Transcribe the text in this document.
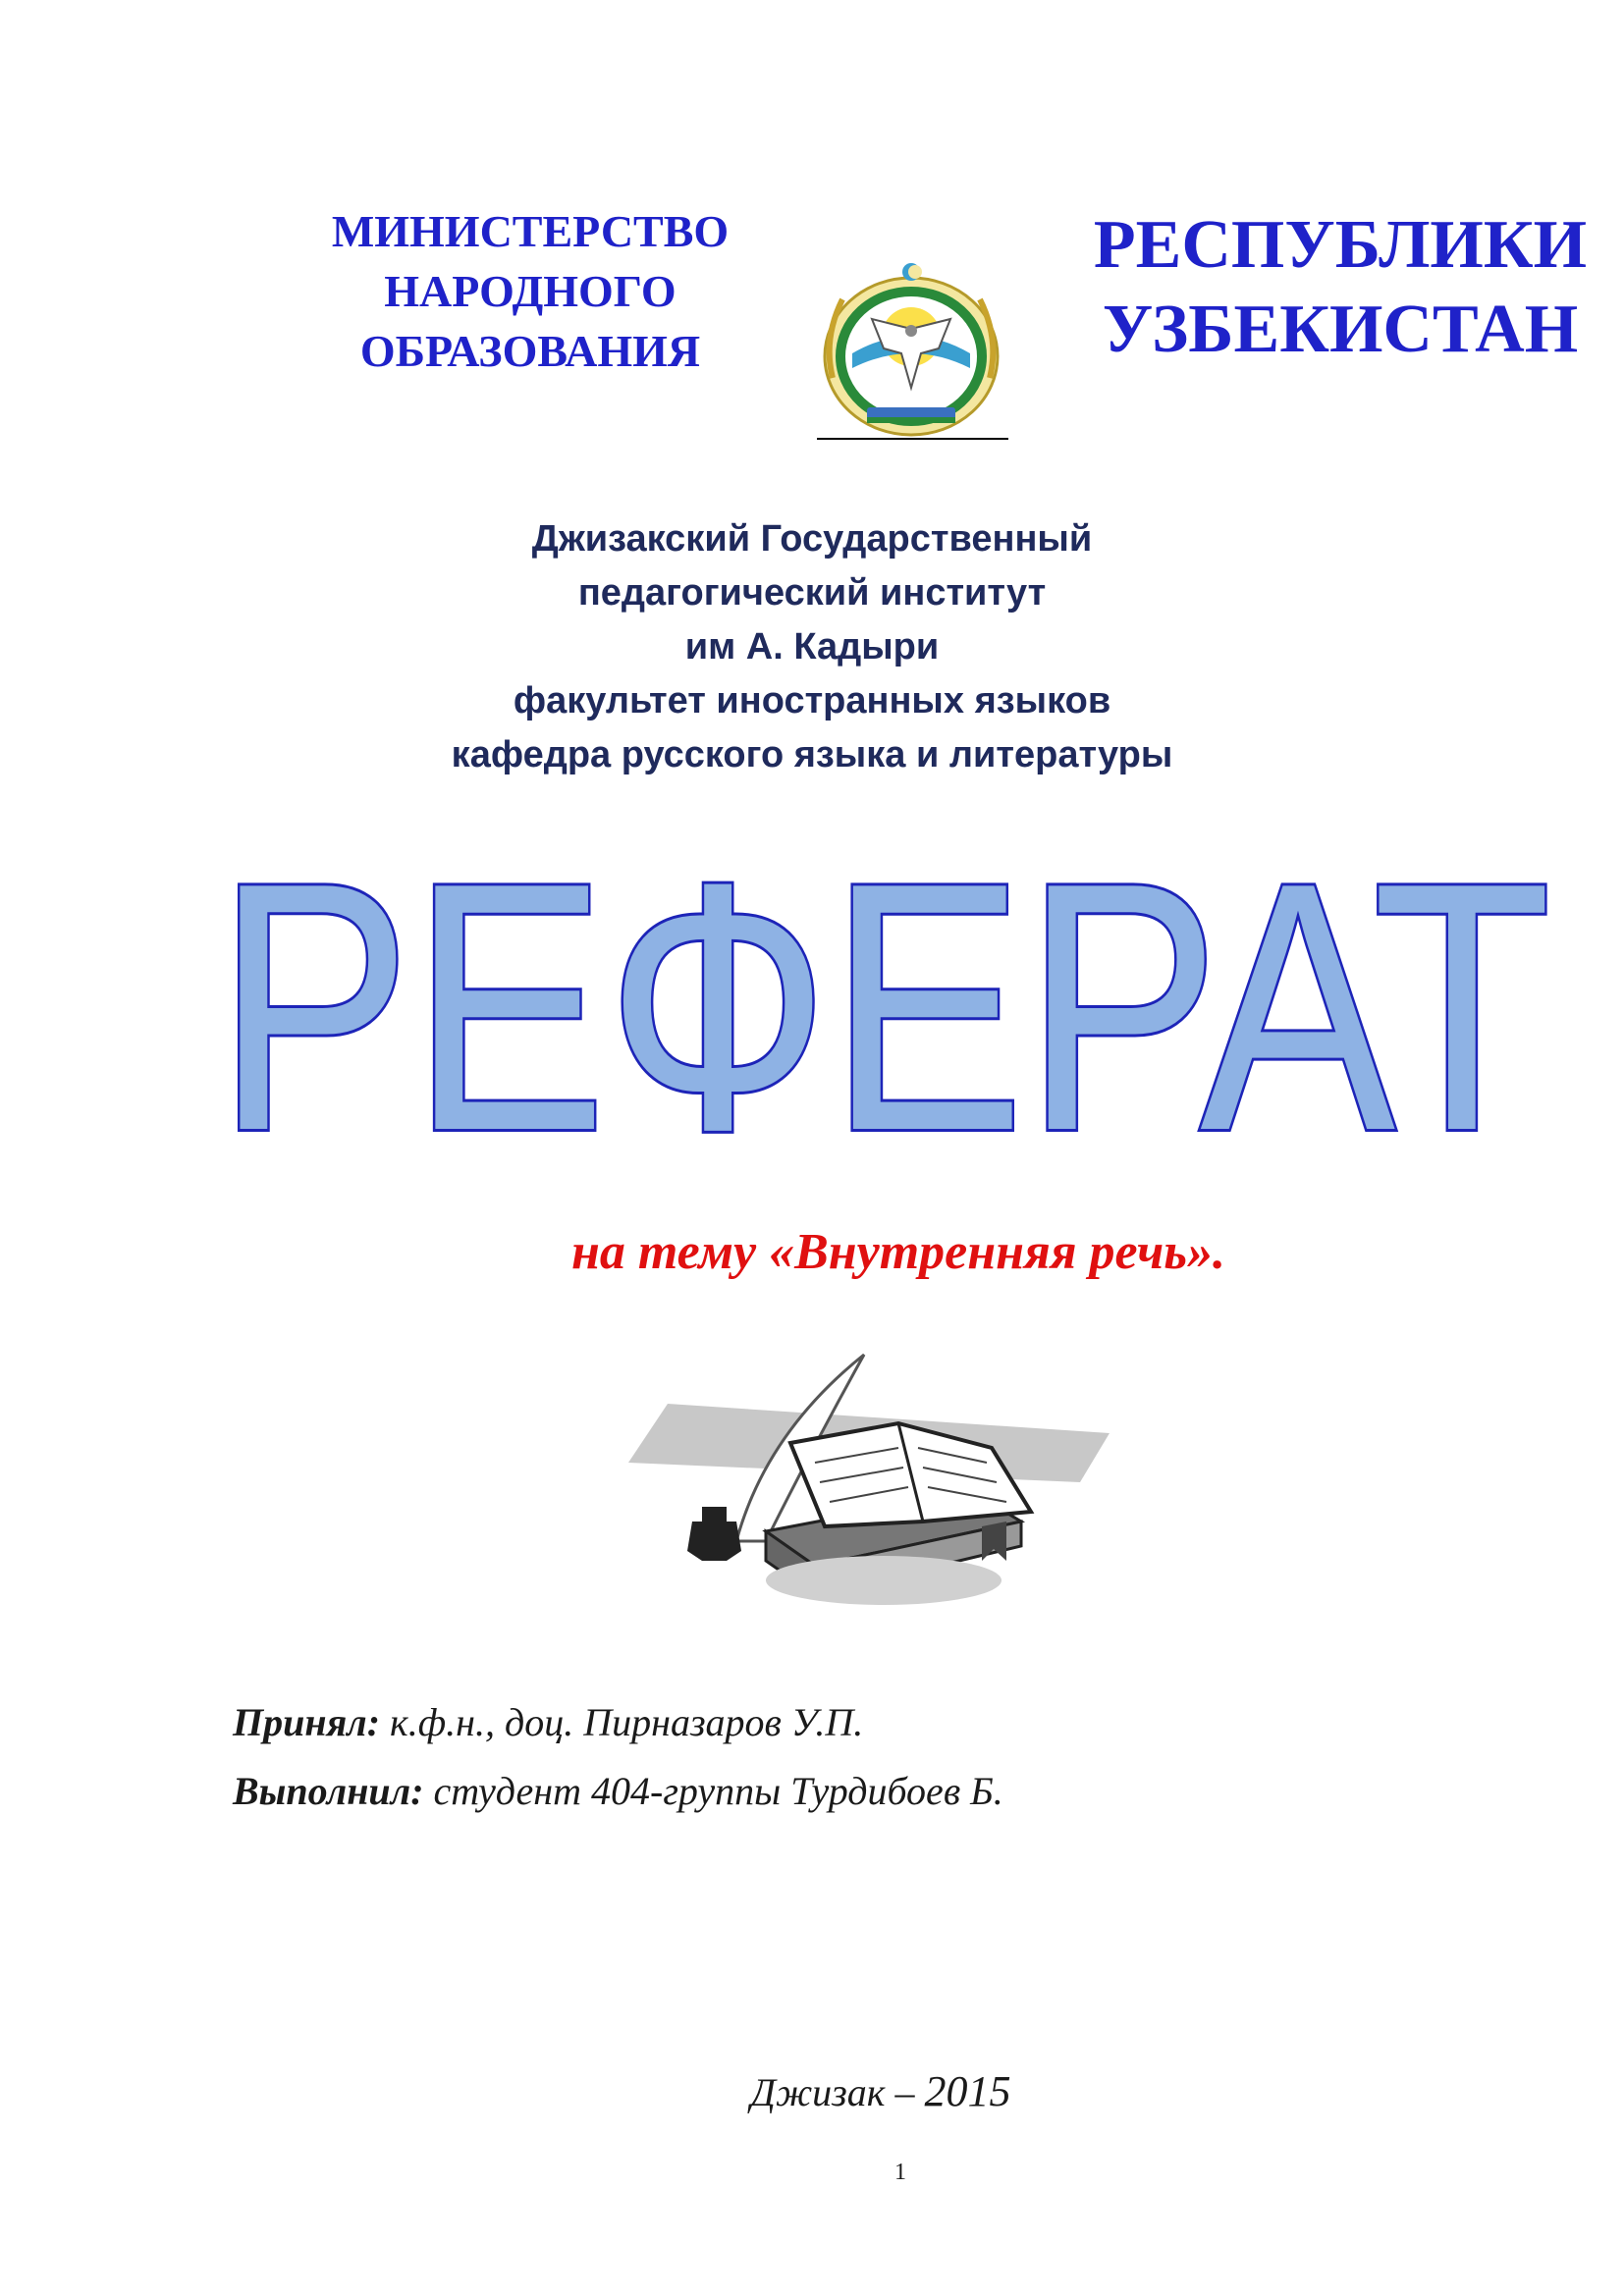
МИНИСТЕРСТВО
НАРОДНОГО
ОБРАЗОВАНИЯ
РЕСПУБЛИКИ
УЗБЕКИСТАН
Джизакский Государственный
педагогический институт
им А. Кадыри
факультет иностранных языков
кафедра русского языка и литературы
РЕФЕРАТ
на тему «Внутренняя речь».
Принял: к.ф.н., доц. Пирназаров У.П.
Выполнил: студент 404-группы Турдибоев Б.
Джизак – 2015
1
